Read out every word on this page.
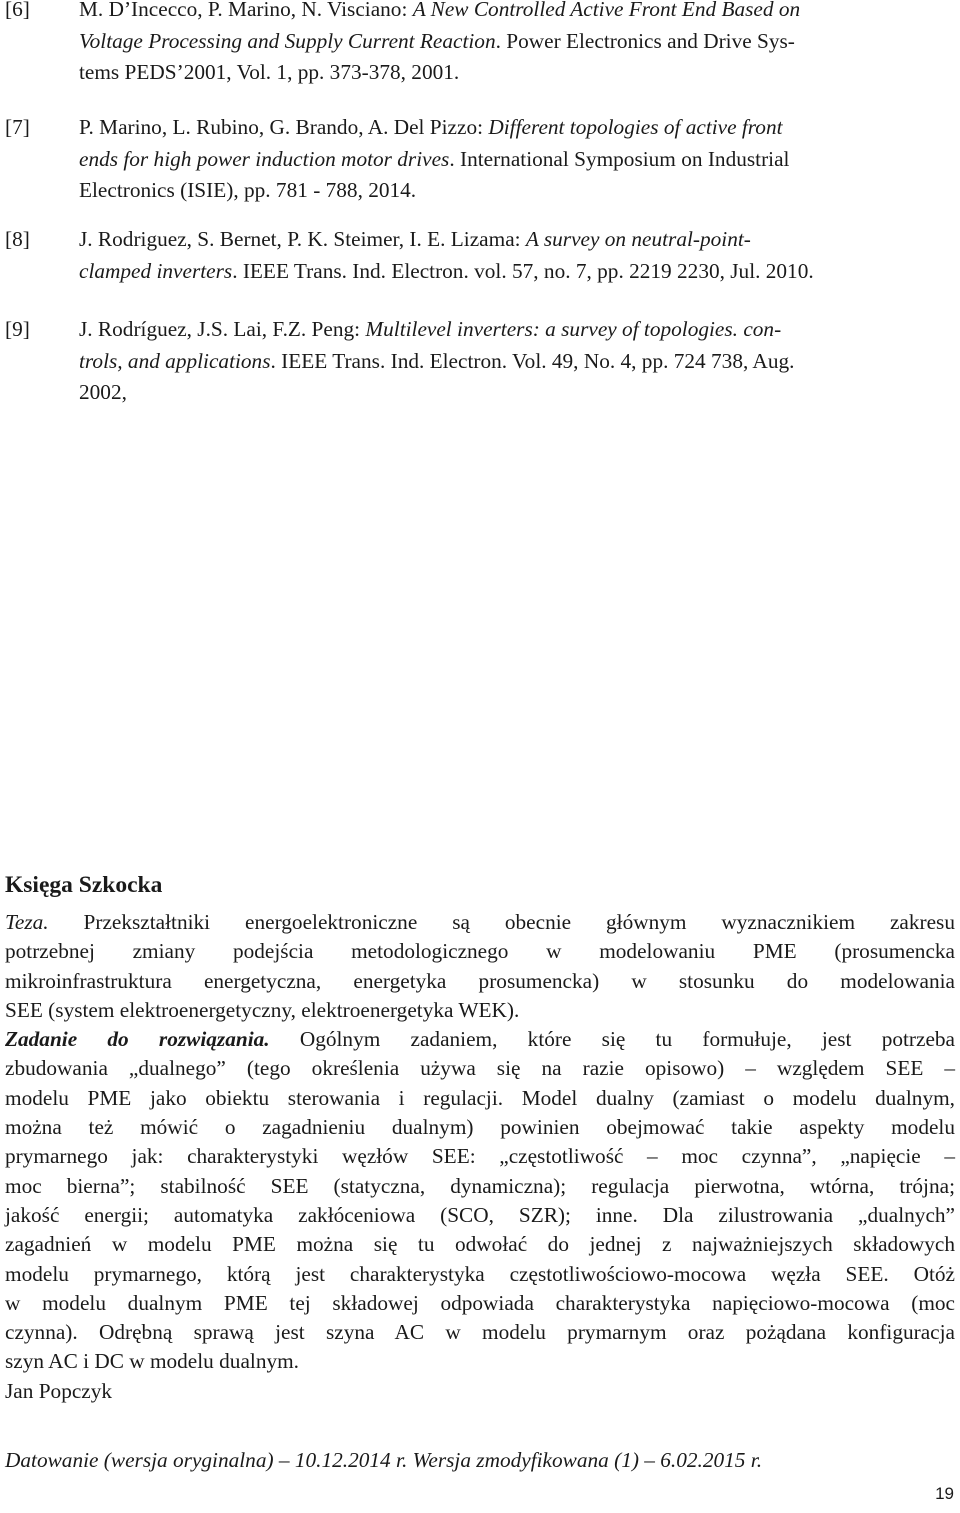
[6] M. D’Incecco, P. Marino, N. Visciano: A New Controlled Active Front End Based on
Voltage Processing and Supply Current Reaction. Power Electronics and Drive Sys-
tems PEDS’2001, Vol. 1, pp. 373-378, 2001.
[7] P. Marino, L. Rubino, G. Brando, A. Del Pizzo: Different topologies of active front
ends for high power induction motor drives. International Symposium on Industrial
Electronics (ISIE), pp. 781 - 788, 2014.
[8] J. Rodriguez, S. Bernet, P. K. Steimer, I. E. Lizama: A survey on neutral-point-
clamped inverters. IEEE Trans. Ind. Electron. vol. 57, no. 7, pp. 2219 2230, Jul. 2010.
[9] J. Rodríguez, J.S. Lai, F.Z. Peng: Multilevel inverters: a survey of topologies. con-
trols, and applications. IEEE Trans. Ind. Electron. Vol. 49, No. 4, pp. 724 738, Aug.
2002,
Księga Szkocka
Teza. Przekształtniki energoelektroniczne są obecnie głównym wyznacznikiem zakresu
potrzebnej zmiany podejścia metodologicznego w modelowaniu PME (prosumencka
mikroinfrastruktura energetyczna, energetyka prosumencka) w stosunku do modelowania
SEE (system elektroenergetyczny, elektroenergetyka WEK).
Zadanie do rozwiązania. Ogólnym zadaniem, które się tu formułuje, jest potrzeba
zbudowania „dualnego” (tego określenia używa się na razie opisowo) – względem SEE –
modelu PME jako obiektu sterowania i regulacji. Model dualny (zamiast o modelu dualnym,
można też mówić o zagadnieniu dualnym) powinien obejmować takie aspekty modelu
prymarnego jak: charakterystyki węzłów SEE: „częstotliwość – moc czynna”, „napięcie –
moc bierna”; stabilność SEE (statyczna, dynamiczna); regulacja pierwotna, wtórna, trójna;
jakość energii; automatyka zakłóceniowa (SCO, SZR); inne. Dla zilustrowania „dualnych”
zagadnień w modelu PME można się tu odwołać do jednej z najważniejszych składowych
modelu prymarnego, którą jest charakterystyka częstotliwościowo-mocowa węzła SEE. Otóż
w modelu dualnym PME tej składowej odpowiada charakterystyka napięciowo-mocowa (moc
czynna). Odrębną sprawą jest szyna AC w modelu prymarnym oraz pożądana konfiguracja
szyn AC i DC w modelu dualnym.
Jan Popczyk
Datowanie (wersja oryginalna) – 10.12.2014 r. Wersja zmodyfikowana (1) – 6.02.2015 r.
19
